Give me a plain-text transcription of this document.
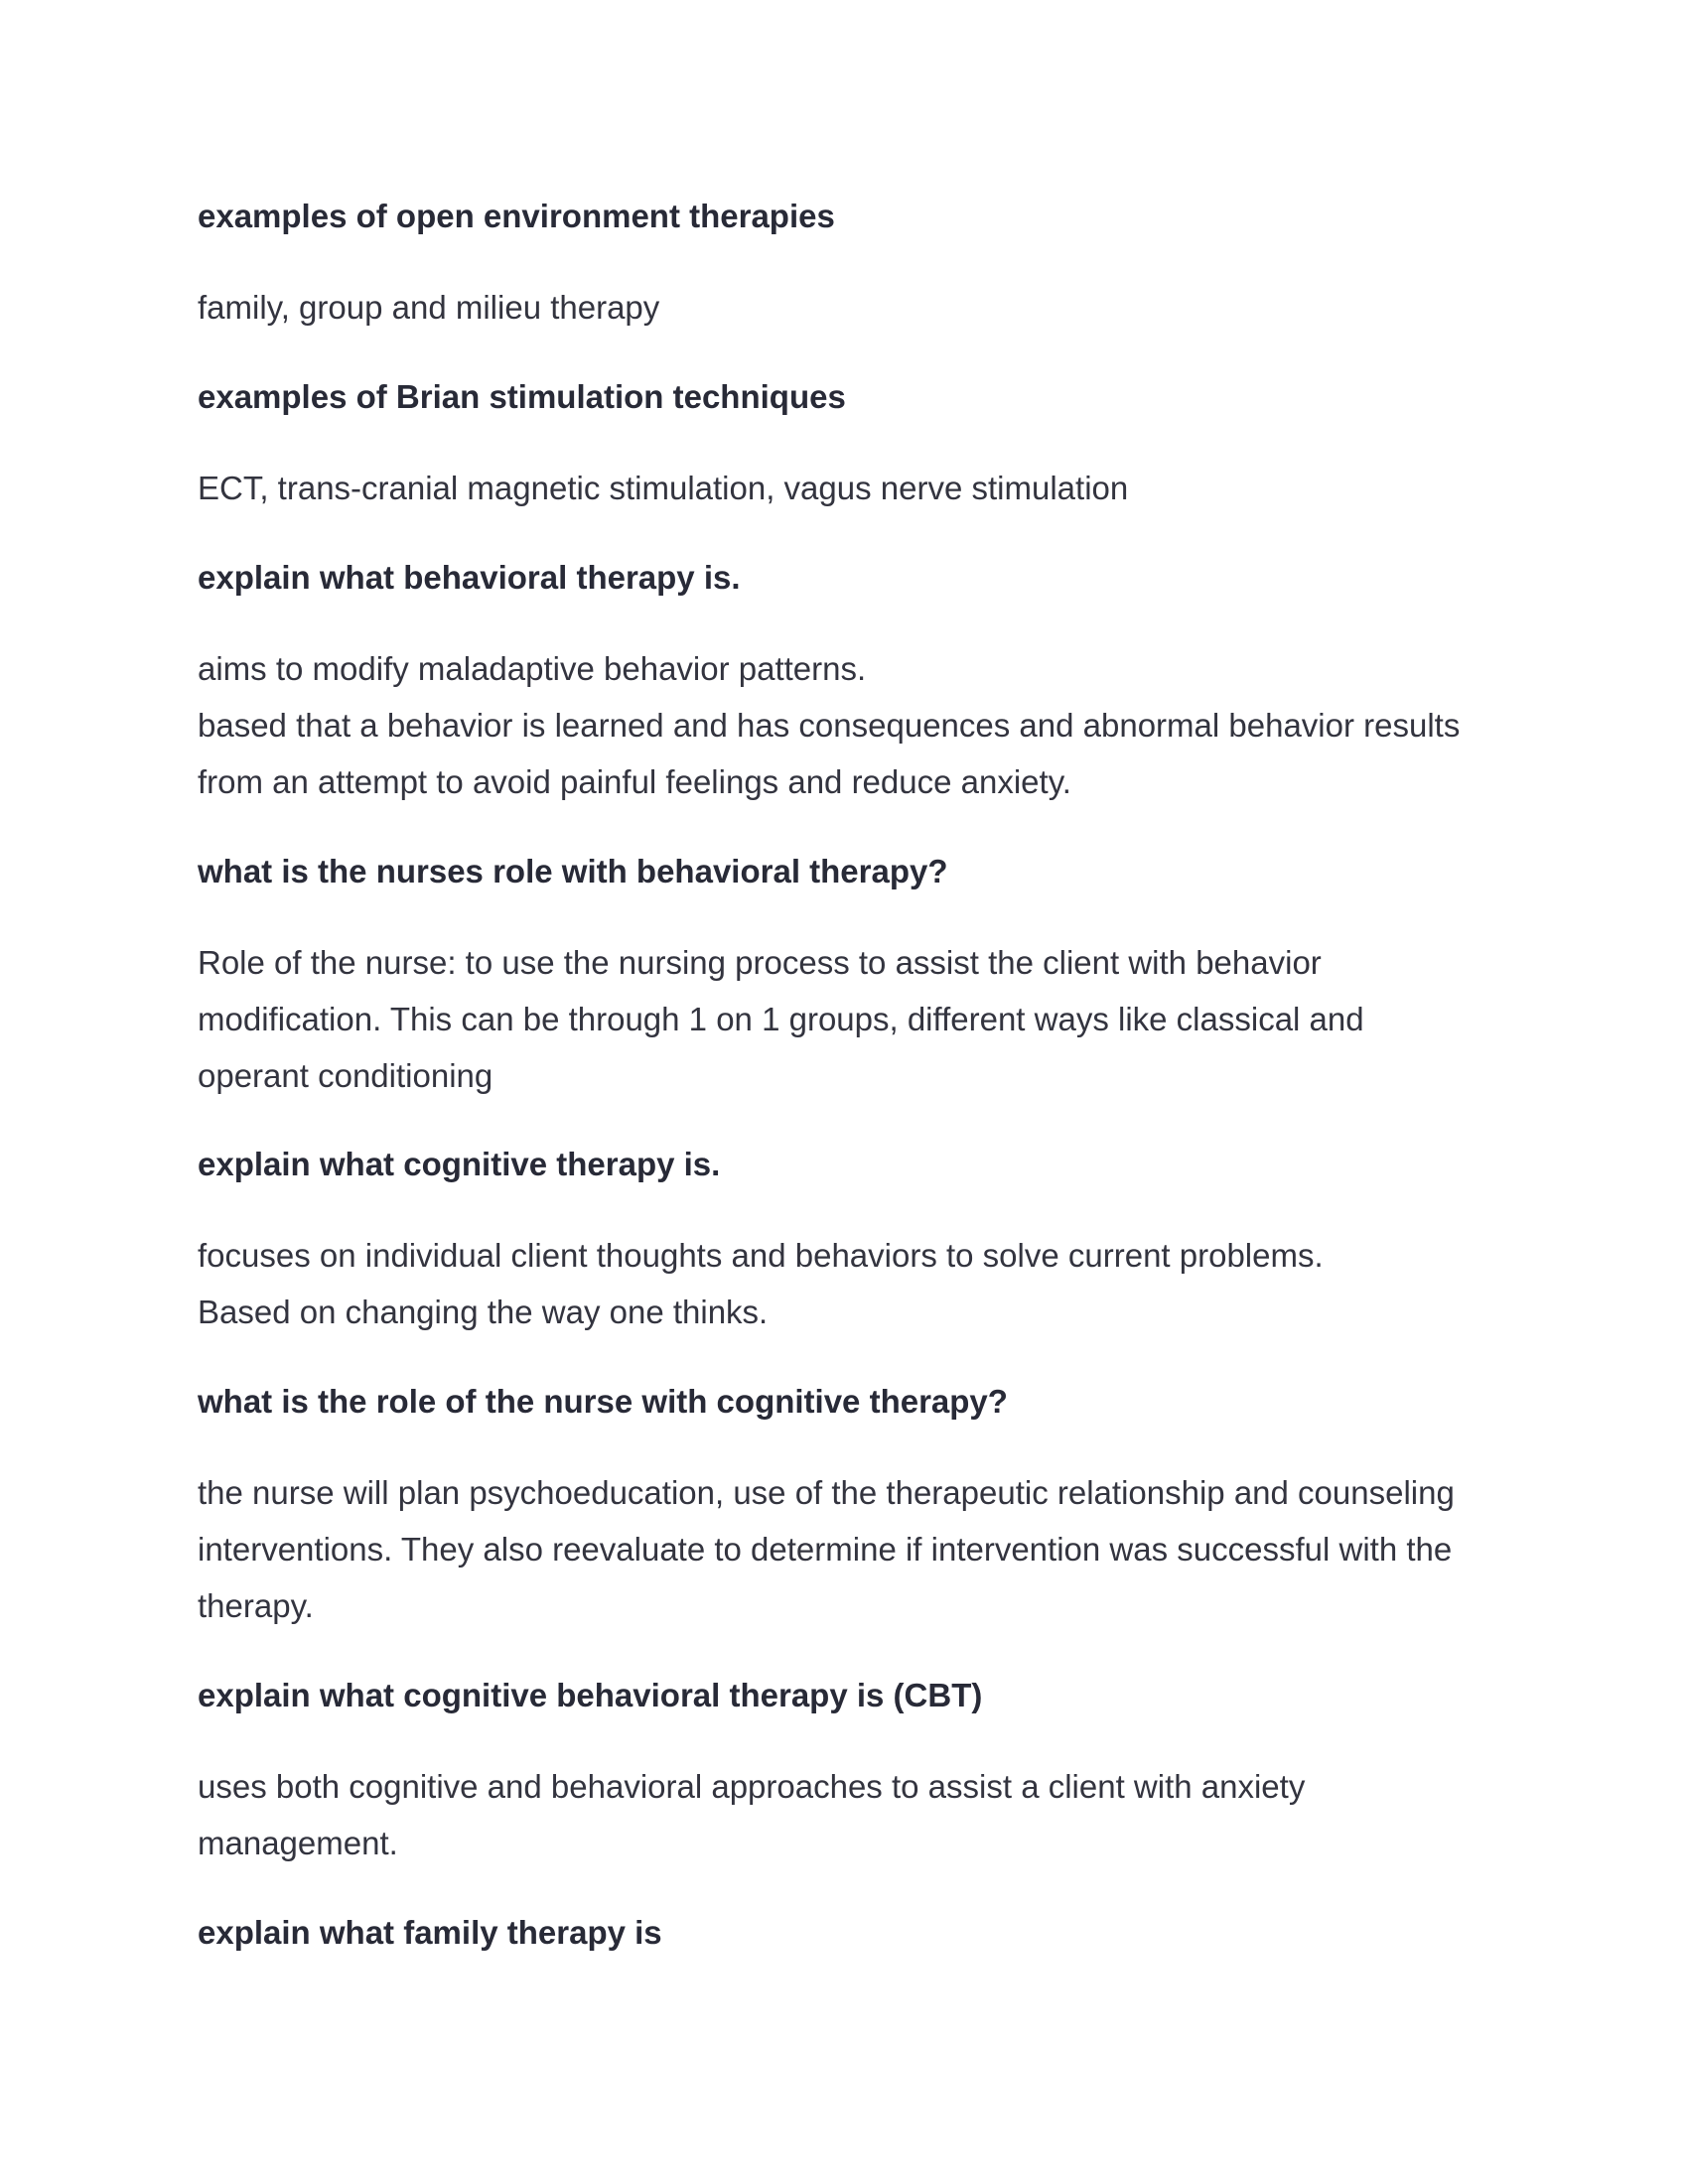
examples of open environment therapies

family, group and milieu therapy

examples of Brian stimulation techniques

ECT, trans-cranial magnetic stimulation, vagus nerve stimulation

explain what behavioral therapy is.

aims to modify maladaptive behavior patterns.
based that a behavior is learned and has consequences and abnormal behavior results
from an attempt to avoid painful feelings and reduce anxiety.

what is the nurses role with behavioral therapy?

Role of the nurse: to use the nursing process to assist the client with behavior
modification. This can be through 1 on 1 groups, different ways like classical and
operant conditioning

explain what cognitive therapy is.

focuses on individual client thoughts and behaviors to solve current problems.
Based on changing the way one thinks.

what is the role of the nurse with cognitive therapy?

the nurse will plan psychoeducation, use of the therapeutic relationship and counseling
interventions. They also reevaluate to determine if intervention was successful with the
therapy.

explain what cognitive behavioral therapy is (CBT)

uses both cognitive and behavioral approaches to assist a client with anxiety
management.

explain what family therapy is
